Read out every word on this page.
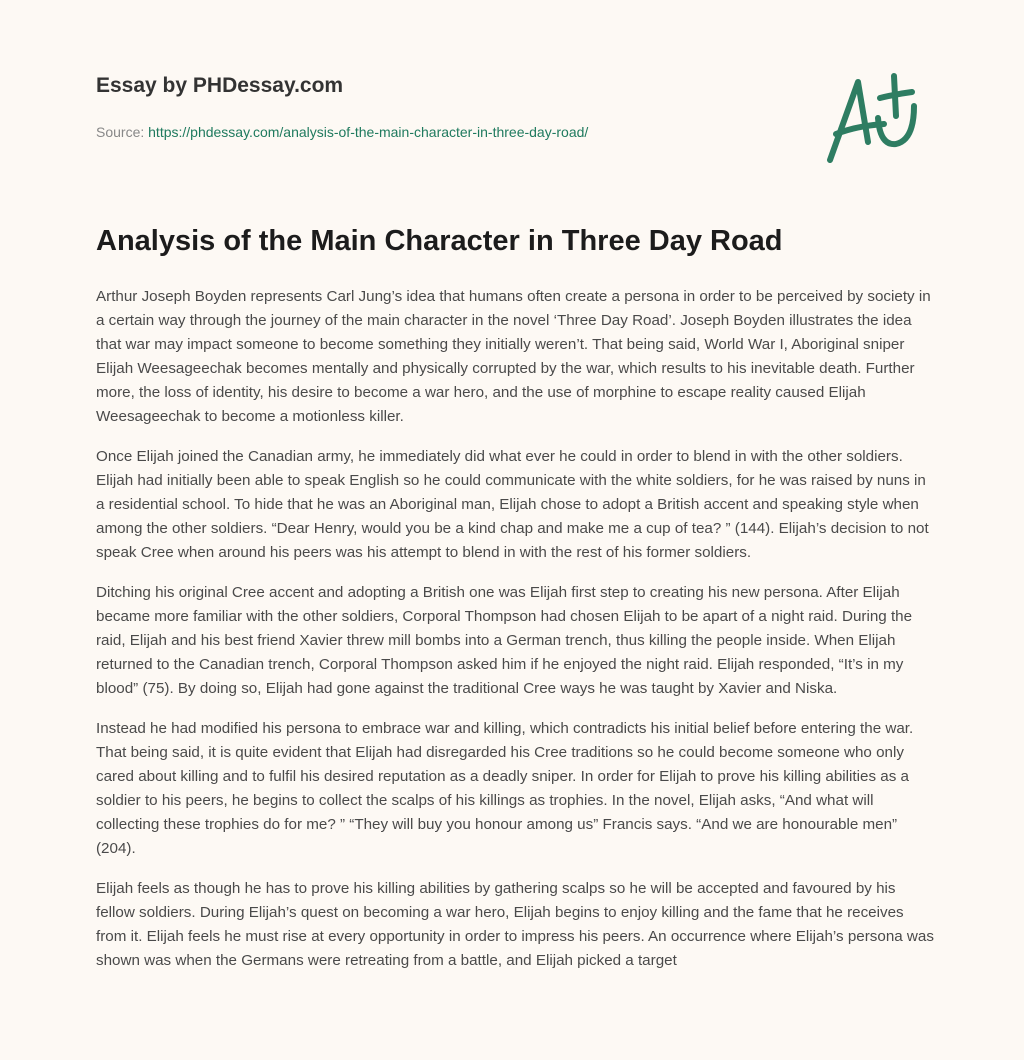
Essay by PHDessay.com

Source: https://phdessay.com/analysis-of-the-main-character-in-three-day-road/
Analysis of the Main Character in Three Day Road

Arthur Joseph Boyden represents Carl Jung’s idea that humans often create a persona in order to be perceived by society in a certain way through the journey of the main character in the novel ‘Three Day Road’. Joseph Boyden illustrates the idea that war may impact someone to become something they initially weren’t. That being said, World War I, Aboriginal sniper Elijah Weesageechak becomes mentally and physically corrupted by the war, which results to his inevitable death. Further more, the loss of identity, his desire to become a war hero, and the use of morphine to escape reality caused Elijah Weesageechak to become a motionless killer.

Once Elijah joined the Canadian army, he immediately did what ever he could in order to blend in with the other soldiers. Elijah had initially been able to speak English so he could communicate with the white soldiers, for he was raised by nuns in a residential school. To hide that he was an Aboriginal man, Elijah chose to adopt a British accent and speaking style when among the other soldiers. “Dear Henry, would you be a kind chap and make me a cup of tea? ” (144). Elijah’s decision to not speak Cree when around his peers was his attempt to blend in with the rest of his former soldiers.

Ditching his original Cree accent and adopting a British one was Elijah first step to creating his new persona. After Elijah became more familiar with the other soldiers, Corporal Thompson had chosen Elijah to be apart of a night raid. During the raid, Elijah and his best friend Xavier threw mill bombs into a German trench, thus killing the people inside. When Elijah returned to the Canadian trench, Corporal Thompson asked him if he enjoyed the night raid. Elijah responded, “It’s in my blood” (75). By doing so, Elijah had gone against the traditional Cree ways he was taught by Xavier and Niska.

Instead he had modified his persona to embrace war and killing, which contradicts his initial belief before entering the war. That being said, it is quite evident that Elijah had disregarded his Cree traditions so he could become someone who only cared about killing and to fulfil his desired reputation as a deadly sniper. In order for Elijah to prove his killing abilities as a soldier to his peers, he begins to collect the scalps of his killings as trophies. In the novel, Elijah asks, “And what will collecting these trophies do for me? ” “They will buy you honour among us” Francis says. “And we are honourable men” (204).

Elijah feels as though he has to prove his killing abilities by gathering scalps so he will be accepted and favoured by his fellow soldiers. During Elijah’s quest on becoming a war hero, Elijah begins to enjoy killing and the fame that he receives from it. Elijah feels he must rise at every opportunity in order to impress his peers. An occurrence where Elijah’s persona was shown was when the Germans were retreating from a battle, and Elijah picked a target
